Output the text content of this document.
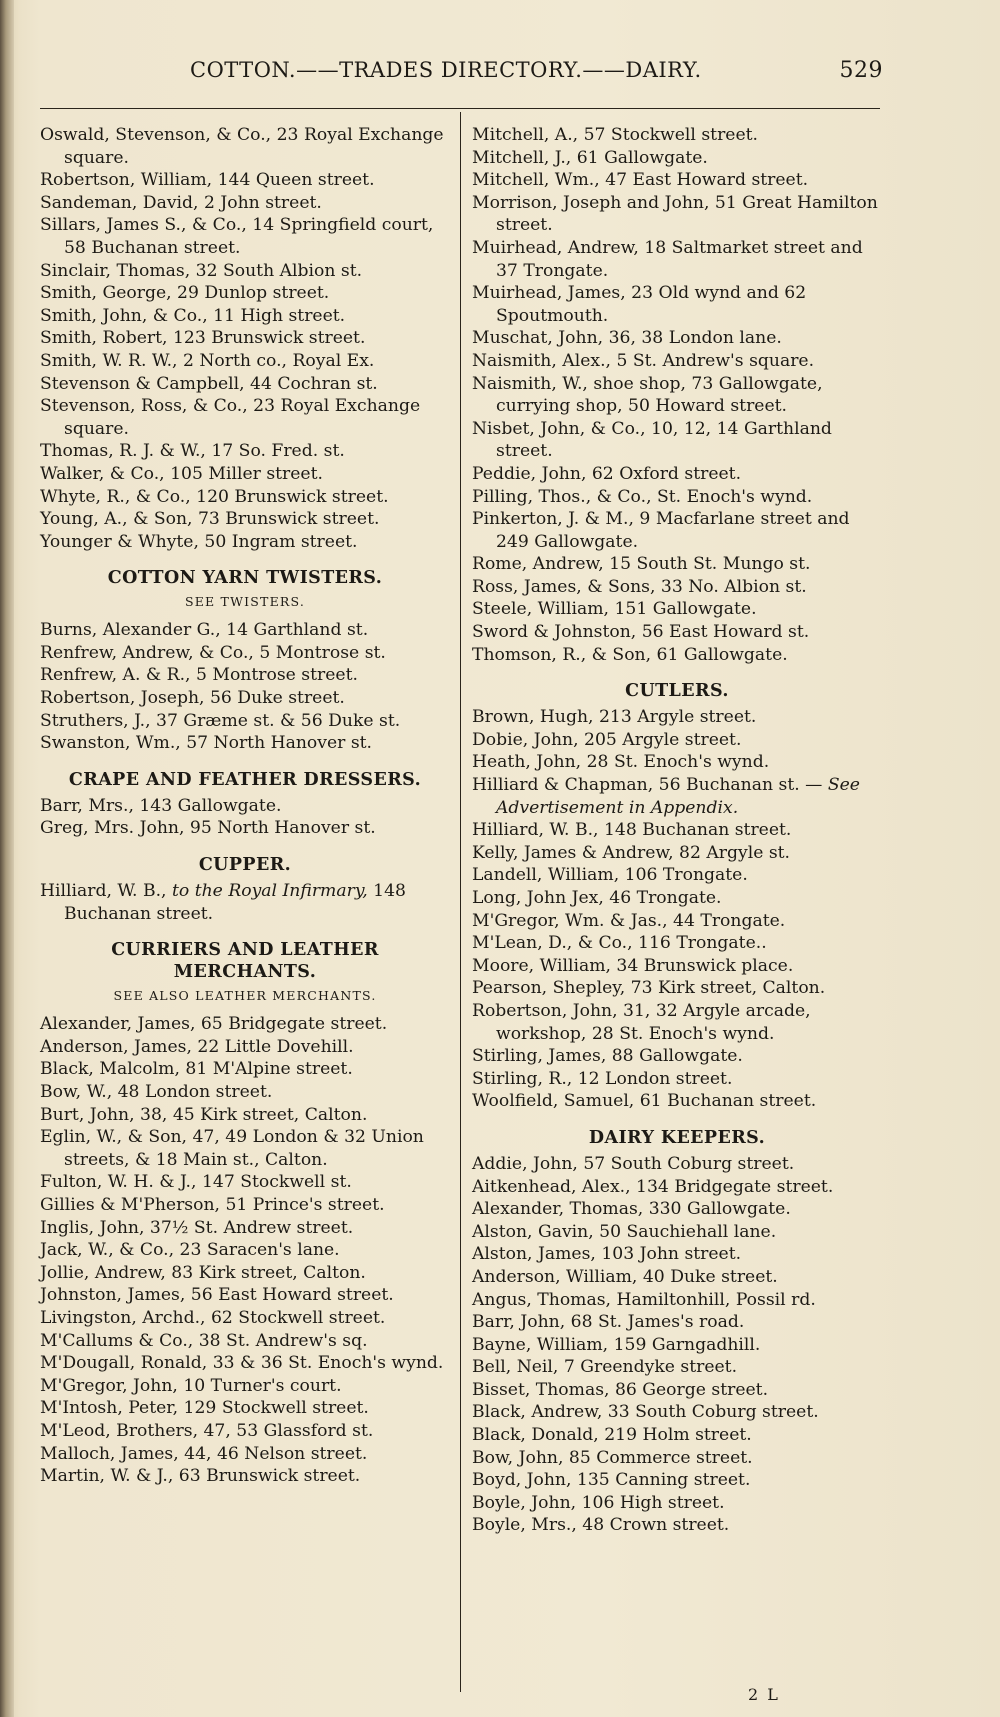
COTTON.——TRADES DIRECTORY.——DAIRY.	529
Oswald, Stevenson, & Co., 23 Royal Exchange square.
Robertson, William, 144 Queen street.
Sandeman, David, 2 John street.
Sillars, James S., & Co., 14 Springfield court, 58 Buchanan street.
Sinclair, Thomas, 32 South Albion st.
Smith, George, 29 Dunlop street.
Smith, John, & Co., 11 High street.
Smith, Robert, 123 Brunswick street.
Smith, W. R. W., 2 North co., Royal Ex.
Stevenson & Campbell, 44 Cochran st.
Stevenson, Ross, & Co., 23 Royal Exchange square.
Thomas, R. J. & W., 17 So. Fred. st.
Walker, & Co., 105 Miller street.
Whyte, R., & Co., 120 Brunswick street.
Young, A., & Son, 73 Brunswick street.
Younger & Whyte, 50 Ingram street.
COTTON YARN TWISTERS.
SEE TWISTERS.
Burns, Alexander G., 14 Garthland st.
Renfrew, Andrew, & Co., 5 Montrose st.
Renfrew, A. & R., 5 Montrose street.
Robertson, Joseph, 56 Duke street.
Struthers, J., 37 Græme st. & 56 Duke st.
Swanston, Wm., 57 North Hanover st.
CRAPE AND FEATHER DRESSERS.
Barr, Mrs., 143 Gallowgate.
Greg, Mrs. John, 95 North Hanover st.
CUPPER.
Hilliard, W. B., to the Royal Infirmary, 148 Buchanan street.
CURRIERS AND LEATHER
MERCHANTS.
SEE ALSO LEATHER MERCHANTS.
Alexander, James, 65 Bridgegate street.
Anderson, James, 22 Little Dovehill.
Black, Malcolm, 81 M'Alpine street.
Bow, W., 48 London street.
Burt, John, 38, 45 Kirk street, Calton.
Eglin, W., & Son, 47, 49 London & 32 Union streets, & 18 Main st., Calton.
Fulton, W. H. & J., 147 Stockwell st.
Gillies & M'Pherson, 51 Prince's street.
Inglis, John, 37½ St. Andrew street.
Jack, W., & Co., 23 Saracen's lane.
Jollie, Andrew, 83 Kirk street, Calton.
Johnston, James, 56 East Howard street.
Livingston, Archd., 62 Stockwell street.
M'Callums & Co., 38 St. Andrew's sq.
M'Dougall, Ronald, 33 & 36 St. Enoch's wynd.
M'Gregor, John, 10 Turner's court.
M'Intosh, Peter, 129 Stockwell street.
M'Leod, Brothers, 47, 53 Glassford st.
Malloch, James, 44, 46 Nelson street.
Martin, W. & J., 63 Brunswick street.
Mitchell, A., 57 Stockwell street.
Mitchell, J., 61 Gallowgate.
Mitchell, Wm., 47 East Howard street.
Morrison, Joseph and John, 51 Great Hamilton street.
Muirhead, Andrew, 18 Saltmarket street and 37 Trongate.
Muirhead, James, 23 Old wynd and 62 Spoutmouth.
Muschat, John, 36, 38 London lane.
Naismith, Alex., 5 St. Andrew's square.
Naismith, W., shoe shop, 73 Gallowgate, currying shop, 50 Howard street.
Nisbet, John, & Co., 10, 12, 14 Garthland street.
Peddie, John, 62 Oxford street.
Pilling, Thos., & Co., St. Enoch's wynd.
Pinkerton, J. & M., 9 Macfarlane street and 249 Gallowgate.
Rome, Andrew, 15 South St. Mungo st.
Ross, James, & Sons, 33 No. Albion st.
Steele, William, 151 Gallowgate.
Sword & Johnston, 56 East Howard st.
Thomson, R., & Son, 61 Gallowgate.
CUTLERS.
Brown, Hugh, 213 Argyle street.
Dobie, John, 205 Argyle street.
Heath, John, 28 St. Enoch's wynd.
Hilliard & Chapman, 56 Buchanan st. — See Advertisement in Appendix.
Hilliard, W. B., 148 Buchanan street.
Kelly, James & Andrew, 82 Argyle st.
Landell, William, 106 Trongate.
Long, John Jex, 46 Trongate.
M'Gregor, Wm. & Jas., 44 Trongate.
M'Lean, D., & Co., 116 Trongate..
Moore, William, 34 Brunswick place.
Pearson, Shepley, 73 Kirk street, Calton.
Robertson, John, 31, 32 Argyle arcade, workshop, 28 St. Enoch's wynd.
Stirling, James, 88 Gallowgate.
Stirling, R., 12 London street.
Woolfield, Samuel, 61 Buchanan street.
DAIRY KEEPERS.
Addie, John, 57 South Coburg street.
Aitkenhead, Alex., 134 Bridgegate street.
Alexander, Thomas, 330 Gallowgate.
Alston, Gavin, 50 Sauchiehall lane.
Alston, James, 103 John street.
Anderson, William, 40 Duke street.
Angus, Thomas, Hamiltonhill, Possil rd.
Barr, John, 68 St. James's road.
Bayne, William, 159 Garngadhill.
Bell, Neil, 7 Greendyke street.
Bisset, Thomas, 86 George street.
Black, Andrew, 33 South Coburg street.
Black, Donald, 219 Holm street.
Bow, John, 85 Commerce street.
Boyd, John, 135 Canning street.
Boyle, John, 106 High street.
Boyle, Mrs., 48 Crown street.
2 L
